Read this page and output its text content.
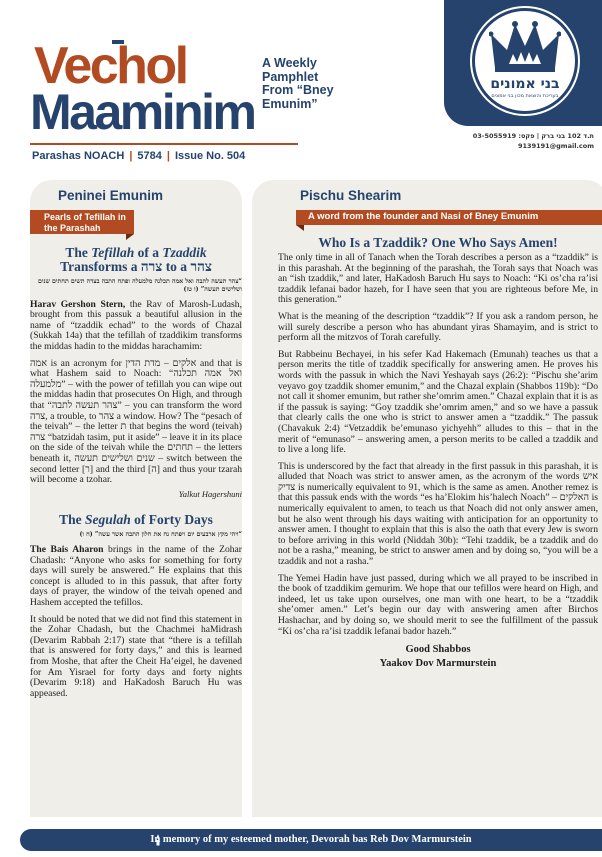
Vechol
Maaminim
A Weekly Pamphlet From “Bney Emunim”
Parashas NOACH | 5784 | Issue No. 504
בני אמונים
בעריכת והוצאת מכון בני אמונים
ת.ד 102 בני ברק | פקס: 03-5055919
9139191@gmail.com
Peninei Emunim
Pearls of Tefillah in the Parashah
The Tefillah of a Tzaddik
Transforms a צרה to a צהר
“צהר תעשה לתבה ואל אמה תכלנה מלמעלה ופתח התבה בצדה תשים תחתים שנים ושלישים תעשה” (ו טז)

Harav Gershon Stern, the Rav of Marosh-Ludash, brought from this passuk a beautiful allusion in the name of “tzaddik echad” to the words of Chazal (Sukkah 14a) that the tefillah of tzaddikim transforms the middas hadin to the middas harachamim:

אמה is an acronym for אלקים – מדת הדין and that is what Hashem said to Noach: “ואל אמה תכלנה מלמעלה” – with the power of tefillah you can wipe out the middas hadin that prosecutes On High, and through that “צהר תעשה לתבה” – you can transform the word צרה, a trouble, to צהר a window. How? The “pesach of the teivah” – the letter ת that begins the word (teivah) צרה “batzidah tasim, put it aside” – leave it in its place on the side of the teivah while the תחתים – the letters beneath it, שנים ושלישים תעשה – switch between the second letter [ר] and the third [ה] and thus your tzarah will become a tzohar.

Yalkut Hagershuni
The Segulah of Forty Days
“ויהי מקץ ארבעים יום ויפתח נח את חלון התבה אשר עשה” (ח ו)

The Bais Aharon brings in the name of the Zohar Chadash: “Anyone who asks for something for forty days will surely be answered.” He explains that this concept is alluded to in this passuk, that after forty days of prayer, the window of the teivah opened and Hashem accepted the tefillos.

It should be noted that we did not find this statement in the Zohar Chadash, but the Chachmei haMidrash (Devarim Rabbah 2:17) state that “there is a tefillah that is answered for forty days,” and this is learned from Moshe, that after the Cheit Ha’eigel, he davened for Am Yisrael for forty days and forty nights (Devarim 9:18) and HaKadosh Baruch Hu was appeased.

Pischu Shearim
A word from the founder and Nasi of Bney Emunim
Who Is a Tzaddik? One Who Says Amen!

The only time in all of Tanach when the Torah describes a person as a “tzaddik” is in this parashah. At the beginning of the parashah, the Torah says that Noach was an “ish tzaddik,” and later, HaKadosh Baruch Hu says to Noach: “Ki os’cha ra’isi tzaddik lefanai bador hazeh, for I have seen that you are righteous before Me, in this generation.”

What is the meaning of the description “tzaddik”? If you ask a random person, he will surely describe a person who has abundant yiras Shamayim, and is strict to perform all the mitzvos of Torah carefully.

But Rabbeinu Bechayei, in his sefer Kad Hakemach (Emunah) teaches us that a person merits the title of tzaddik specifically for answering amen. He proves his words with the passuk in which the Navi Yeshayah says (26:2): “Pischu she’arim veyavo goy tzaddik shomer emunim,” and the Chazal explain (Shabbos 119b): “Do not call it shomer emunim, but rather she’omrim amen.” Chazal explain that it is as if the passuk is saying: “Goy tzaddik she’omrim amen,” and so we have a passuk that clearly calls the one who is strict to answer amen a “tzaddik.” The passuk (Chavakuk 2:4) “Vetzaddik be’emunaso yichyehh” alludes to this – that in the merit of “emunaso” – answering amen, a person merits to be called a tzaddik and to live a long life.

This is underscored by the fact that already in the first passuk in this parashah, it is alluded that Noach was strict to answer amen, as the acronym of the words איש צדיק is numerically equivalent to 91, which is the same as amen. Another remez is that this passuk ends with the words “es ha’Elokim his’halech Noach” – האלקים is numerically equivalent to amen, to teach us that Noach did not only answer amen, but he also went through his days waiting with anticipation for an opportunity to answer amen. I thought to explain that this is also the oath that every Jew is sworn to before arriving in this world (Niddah 30b): “Tehi tzaddik, be a tzaddik and do not be a rasha,” meaning, be strict to answer amen and by doing so, “you will be a tzaddik and not a rasha.”

The Yemei Hadin have just passed, during which we all prayed to be inscribed in the book of tzaddikim gemurim. We hope that our tefillos were heard on High, and indeed, let us take upon ourselves, one man with one heart, to be a “tzaddik she’omer amen.” Let’s begin our day with answering amen after Birchos Hashachar, and by doing so, we should merit to see the fulfillment of the passuk “Ki os’cha ra’isi tzaddik lefanai bador hazeh.”

Good Shabbos
Yaakov Dov Marmurstein
In memory of my esteemed mother, Devorah bas Reb Dov Marmurstein
